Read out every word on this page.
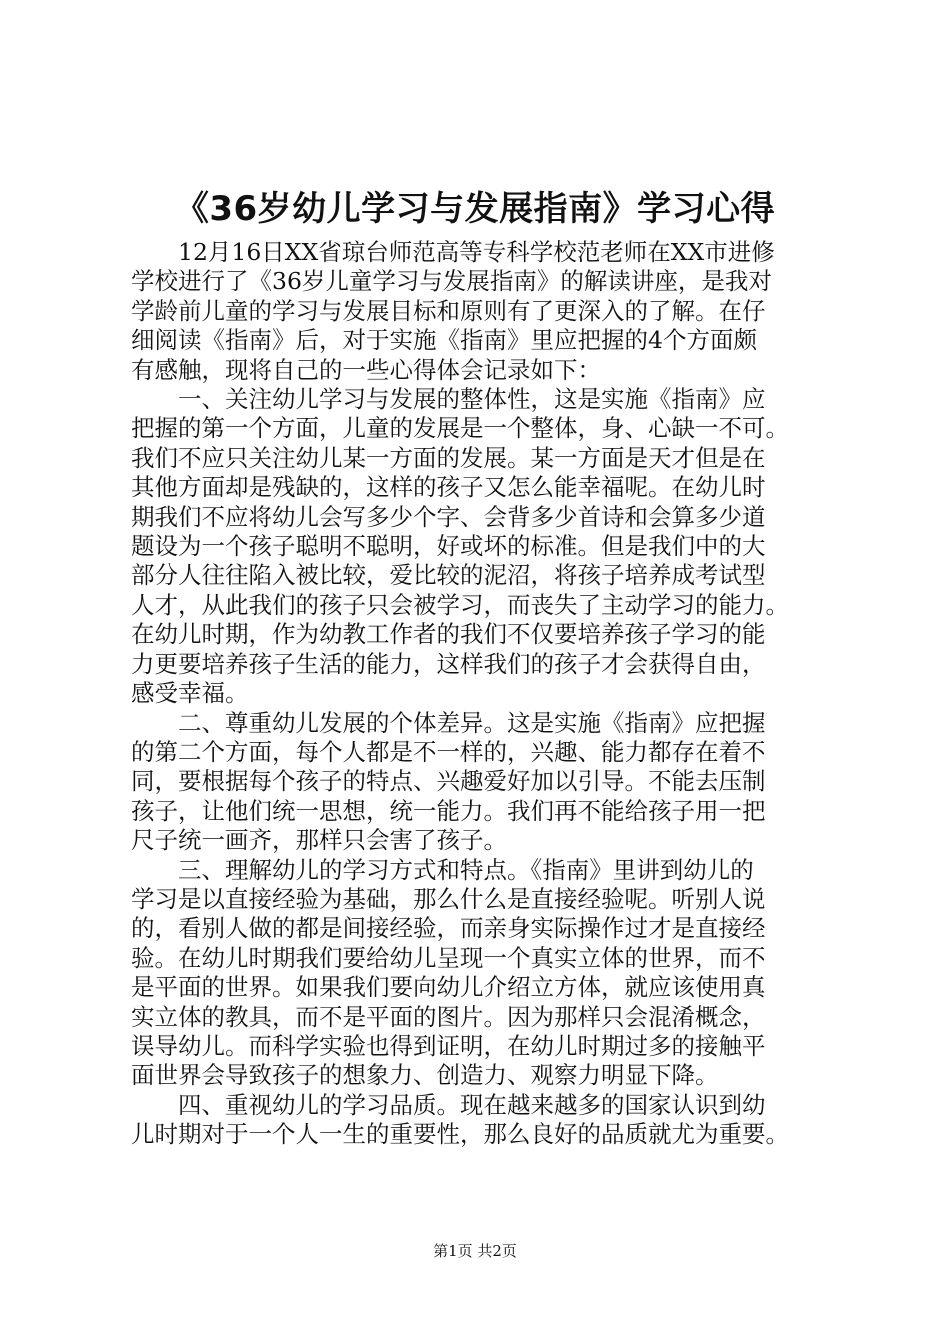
《36岁幼儿学习与发展指南》学习心得
12月16日XX省琼台师范高等专科学校范老师在XX市进修
学校进行了《36岁儿童学习与发展指南》的解读讲座，是我对
学龄前儿童的学习与发展目标和原则有了更深入的了解。在仔
细阅读《指南》后，对于实施《指南》里应把握的4个方面颇
有感触，现将自己的一些心得体会记录如下：
一、关注幼儿学习与发展的整体性，这是实施《指南》应
把握的第一个方面，儿童的发展是一个整体，身、心缺一不可。
我们不应只关注幼儿某一方面的发展。某一方面是天才但是在
其他方面却是残缺的，这样的孩子又怎么能幸福呢。在幼儿时
期我们不应将幼儿会写多少个字、会背多少首诗和会算多少道
题设为一个孩子聪明不聪明，好或坏的标准。但是我们中的大
部分人往往陷入被比较，爱比较的泥沼，将孩子培养成考试型
人才，从此我们的孩子只会被学习，而丧失了主动学习的能力。
在幼儿时期，作为幼教工作者的我们不仅要培养孩子学习的能
力更要培养孩子生活的能力，这样我们的孩子才会获得自由，
感受幸福。
二、尊重幼儿发展的个体差异。这是实施《指南》应把握
的第二个方面，每个人都是不一样的，兴趣、能力都存在着不
同，要根据每个孩子的特点、兴趣爱好加以引导。不能去压制
孩子，让他们统一思想，统一能力。我们再不能给孩子用一把
尺子统一画齐，那样只会害了孩子。
三、理解幼儿的学习方式和特点。《指南》里讲到幼儿的
学习是以直接经验为基础，那么什么是直接经验呢。听别人说
的，看别人做的都是间接经验，而亲身实际操作过才是直接经
验。在幼儿时期我们要给幼儿呈现一个真实立体的世界，而不
是平面的世界。如果我们要向幼儿介绍立方体，就应该使用真
实立体的教具，而不是平面的图片。因为那样只会混淆概念，
误导幼儿。而科学实验也得到证明，在幼儿时期过多的接触平
面世界会导致孩子的想象力、创造力、观察力明显下降。
四、重视幼儿的学习品质。现在越来越多的国家认识到幼
儿时期对于一个人一生的重要性，那么良好的品质就尤为重要。
第1页 共2页
